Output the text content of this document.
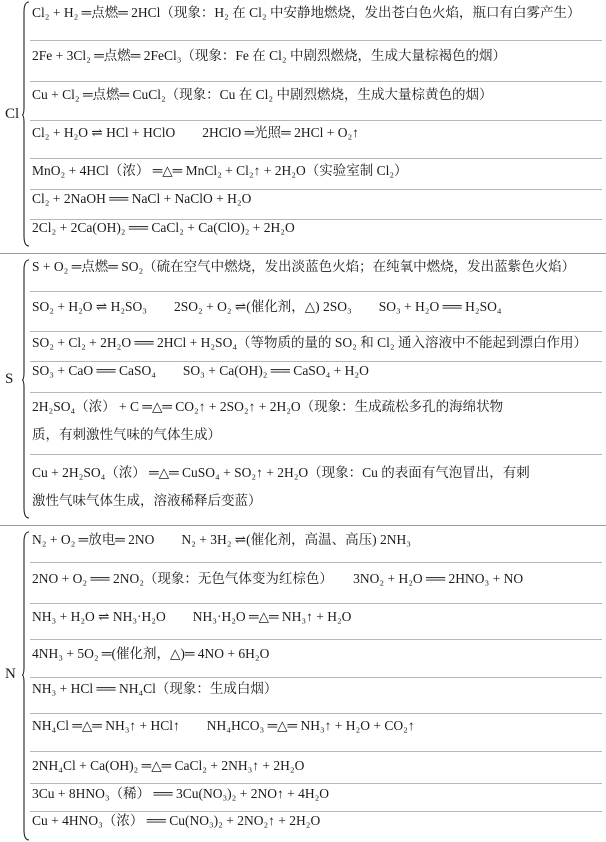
Cl
Cl₂ + H₂ ═点燃═ 2HCl（现象：H₂ 在 Cl₂ 中安静地燃烧，发出苍白色火焰，瓶口有白雾产生）
2Fe + 3Cl₂ ═点燃═ 2FeCl₃（现象：Fe 在 Cl₂ 中剧烈燃烧，生成大量棕褐色的烟）
Cu + Cl₂ ═点燃═ CuCl₂（现象：Cu 在 Cl₂ 中剧烈燃烧，生成大量棕黄色的烟）
Cl₂ + H₂O ⇌ HCl + HClO　　2HClO ═光照═ 2HCl + O₂↑
MnO₂ + 4HCl（浓） ═△═ MnCl₂ + Cl₂↑ + 2H₂O（实验室制 Cl₂）
Cl₂ + 2NaOH ══ NaCl + NaClO + H₂O
2Cl₂ + 2Ca(OH)₂ ══ CaCl₂ + Ca(ClO)₂ + 2H₂O
S
S + O₂ ═点燃═ SO₂（硫在空气中燃烧，发出淡蓝色火焰；在纯氧中燃烧，发出蓝紫色火焰）
SO₂ + H₂O ⇌ H₂SO₃　　2SO₂ + O₂ ⇌(催化剂，△) 2SO₃　　SO₃ + H₂O ══ H₂SO₄
SO₂ + Cl₂ + 2H₂O ══ 2HCl + H₂SO₄（等物质的量的 SO₂ 和 Cl₂ 通入溶液中不能起到漂白作用）
SO₃ + CaO ══ CaSO₄　　SO₃ + Ca(OH)₂ ══ CaSO₄ + H₂O
2H₂SO₄（浓） + C ═△═ CO₂↑ + 2SO₂↑ + 2H₂O（现象：生成疏松多孔的海绵状物
质，有刺激性气味的气体生成）
Cu + 2H₂SO₄（浓） ═△═ CuSO₄ + SO₂↑ + 2H₂O（现象：Cu 的表面有气泡冒出，有刺
激性气味气体生成，溶液稀释后变蓝）
N
N₂ + O₂ ═放电═ 2NO　　N₂ + 3H₂ ⇌(催化剂，高温、高压) 2NH₃
2NO + O₂ ══ 2NO₂（现象：无色气体变为红棕色）　　3NO₂ + H₂O ══ 2HNO₃ + NO
NH₃ + H₂O ⇌ NH₃·H₂O　　NH₃·H₂O ═△═ NH₃↑ + H₂O
4NH₃ + 5O₂ ═(催化剂，△)═ 4NO + 6H₂O
NH₃ + HCl ══ NH₄Cl（现象：生成白烟）
NH₄Cl ═△═ NH₃↑ + HCl↑　　NH₄HCO₃ ═△═ NH₃↑ + H₂O + CO₂↑
2NH₄Cl + Ca(OH)₂ ═△═ CaCl₂ + 2NH₃↑ + 2H₂O
3Cu + 8HNO₃（稀） ══ 3Cu(NO₃)₂ + 2NO↑ + 4H₂O
Cu + 4HNO₃（浓） ══ Cu(NO₃)₂ + 2NO₂↑ + 2H₂O
